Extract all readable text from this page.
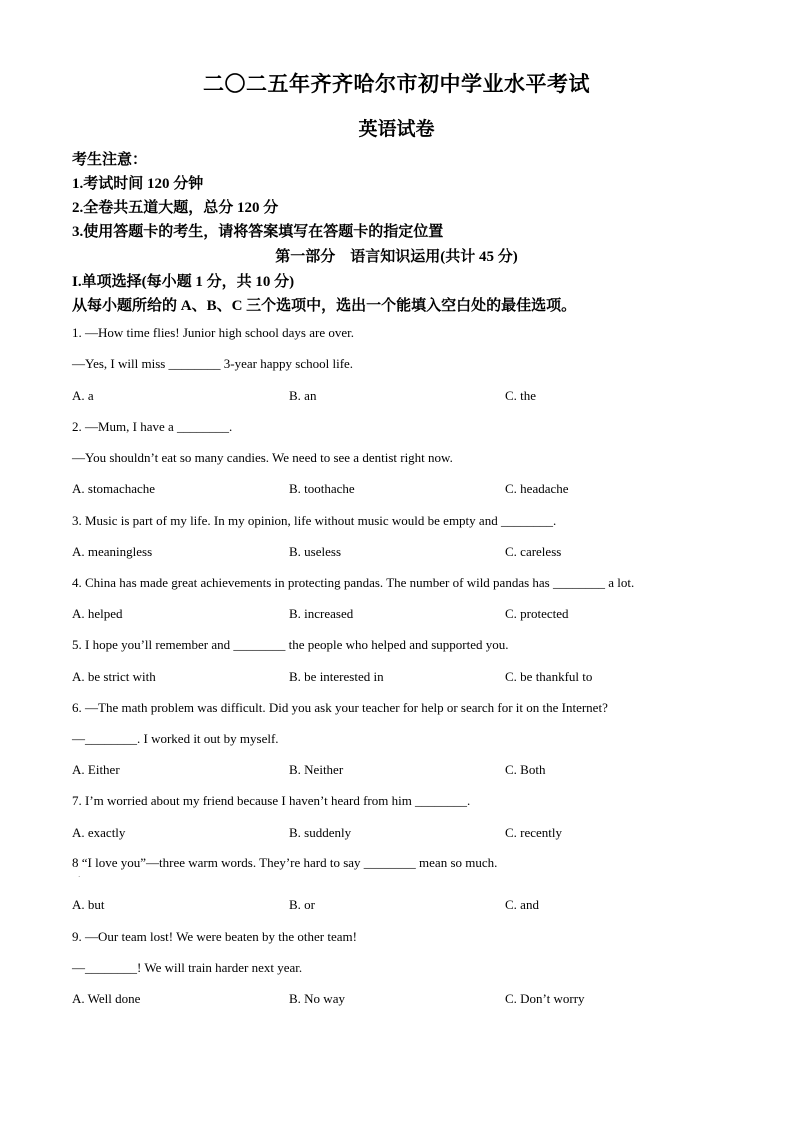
二〇二五年齐齐哈尔市初中学业水平考试
英语试卷
考生注意：
1.考试时间 120 分钟
2.全卷共五道大题，总分 120 分
3.使用答题卡的考生，请将答案填写在答题卡的指定位置
第一部分　语言知识运用(共计 45 分)
I.单项选择(每小题 1 分，共 10 分)
从每小题所给的 A、B、C 三个选项中，选出一个能填入空白处的最佳选项。
1. —How time flies! Junior high school days are over.
—Yes, I will miss ________ 3-year happy school life.
A. a	B. an	C. the
2. —Mum, I have a ________.
—You shouldn’t eat so many candies. We need to see a dentist right now.
A. stomachache	B. toothache	C. headache
3. Music is part of my life. In my opinion, life without music would be empty and ________.
A. meaningless	B. useless	C. careless
4. China has made great achievements in protecting pandas. The number of wild pandas has ________ a lot.
A. helped	B. increased	C. protected
5. I hope you’ll remember and ________ the people who helped and supported you.
A. be strict with	B. be interested in	C. be thankful to
6. —The math problem was difficult. Did you ask your teacher for help or search for it on the Internet?
—________. I worked it out by myself.
A. Either	B. Neither	C. Both
7. I’m worried about my friend because I haven’t heard from him ________.
A. exactly	B. suddenly	C. recently
8 “I love you”—three warm words. They’re hard to say ________ mean so much.
·
A. but	B. or	C. and
9. —Our team lost! We were beaten by the other team!
—________! We will train harder next year.
A. Well done	B. No way	C. Don’t worry
